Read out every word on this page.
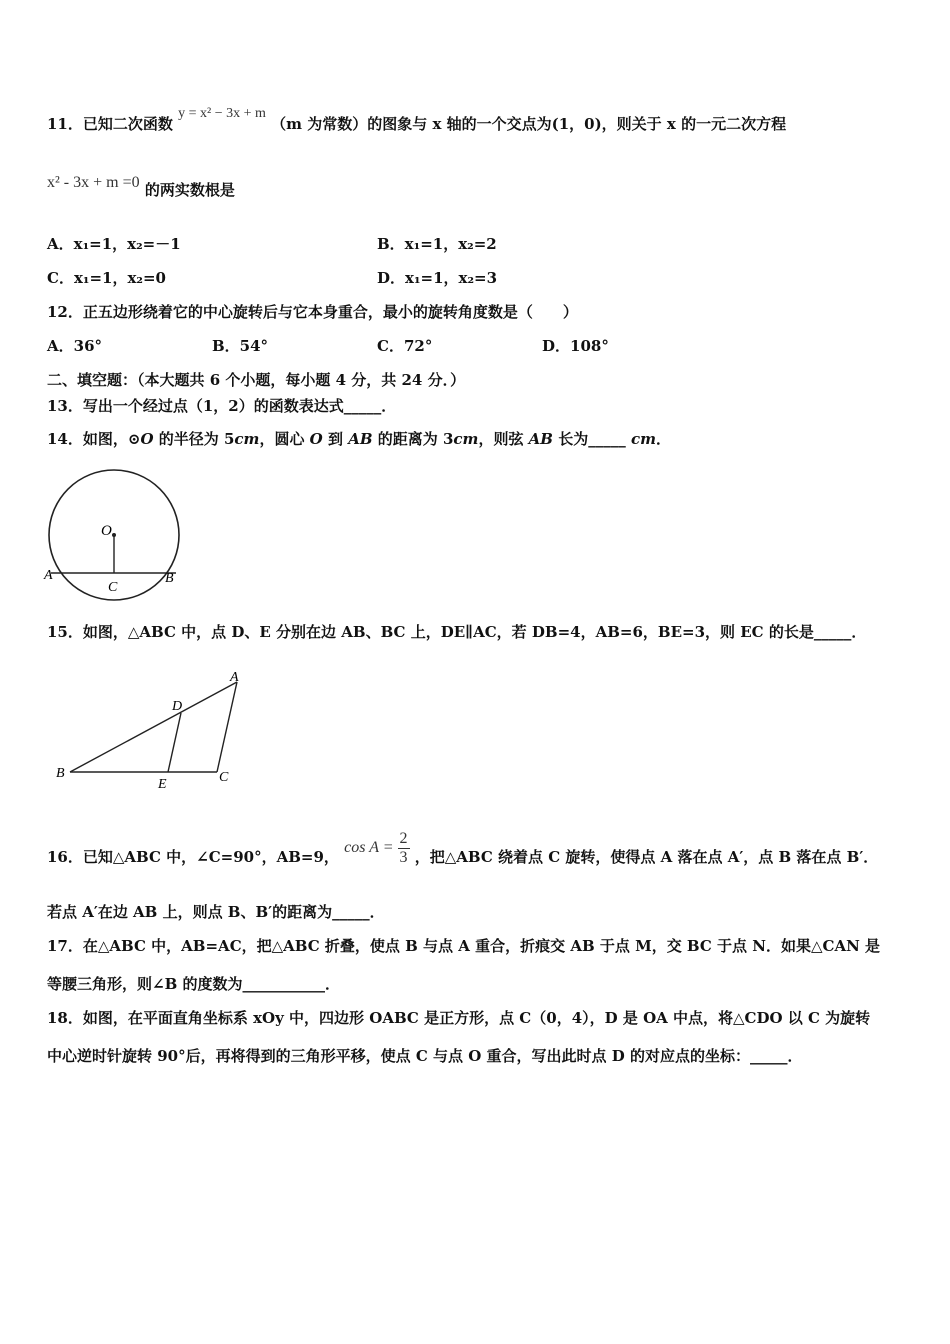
11．已知二次函数 y = x² − 3x + m （m 为常数）的图象与 x 轴的一个交点为(1，0)，则关于 x 的一元二次方程
x² - 3x + m =0 的两实数根是
A．x₁=1，x₂=－1	B．x₁=1，x₂=2
C．x₁=1，x₂=0	D．x₁=1，x₂=3
12．正五边形绕着它的中心旋转后与它本身重合，最小的旋转角度数是（　　）
A．36°	B．54°	C．72°	D．108°
二、填空题：（本大题共 6 个小题，每小题 4 分，共 24 分．）
13．写出一个经过点（1，2）的函数表达式_____．
14．如图，⊙O 的半径为 5cm，圆心 O 到 AB 的距离为 3cm，则弦 AB 长为_____ cm．
O
A	B
C
15．如图，△ABC 中，点 D、E 分别在边 AB、BC 上，DE∥AC，若 DB=4，AB=6，BE=3，则 EC 的长是_____．
A
B	C
D
E
16．已知△ABC 中，∠C=90°，AB=9， $\cos A = \frac{2}{3}$ ，把△ABC 绕着点 C 旋转，使得点 A 落在点 A′，点 B 落在点 B′．
若点 A′在边 AB 上，则点 B、B′的距离为_____．
17．在△ABC 中，AB=AC，把△ABC 折叠，使点 B 与点 A 重合，折痕交 AB 于点 M，交 BC 于点 N．如果△CAN 是
等腰三角形，则∠B 的度数为___________．
18．如图，在平面直角坐标系 xOy 中，四边形 OABC 是正方形，点 C（0，4），D 是 OA 中点，将△CDO 以 C 为旋转
中心逆时针旋转 90°后，再将得到的三角形平移，使点 C 与点 O 重合，写出此时点 D 的对应点的坐标：_____．
